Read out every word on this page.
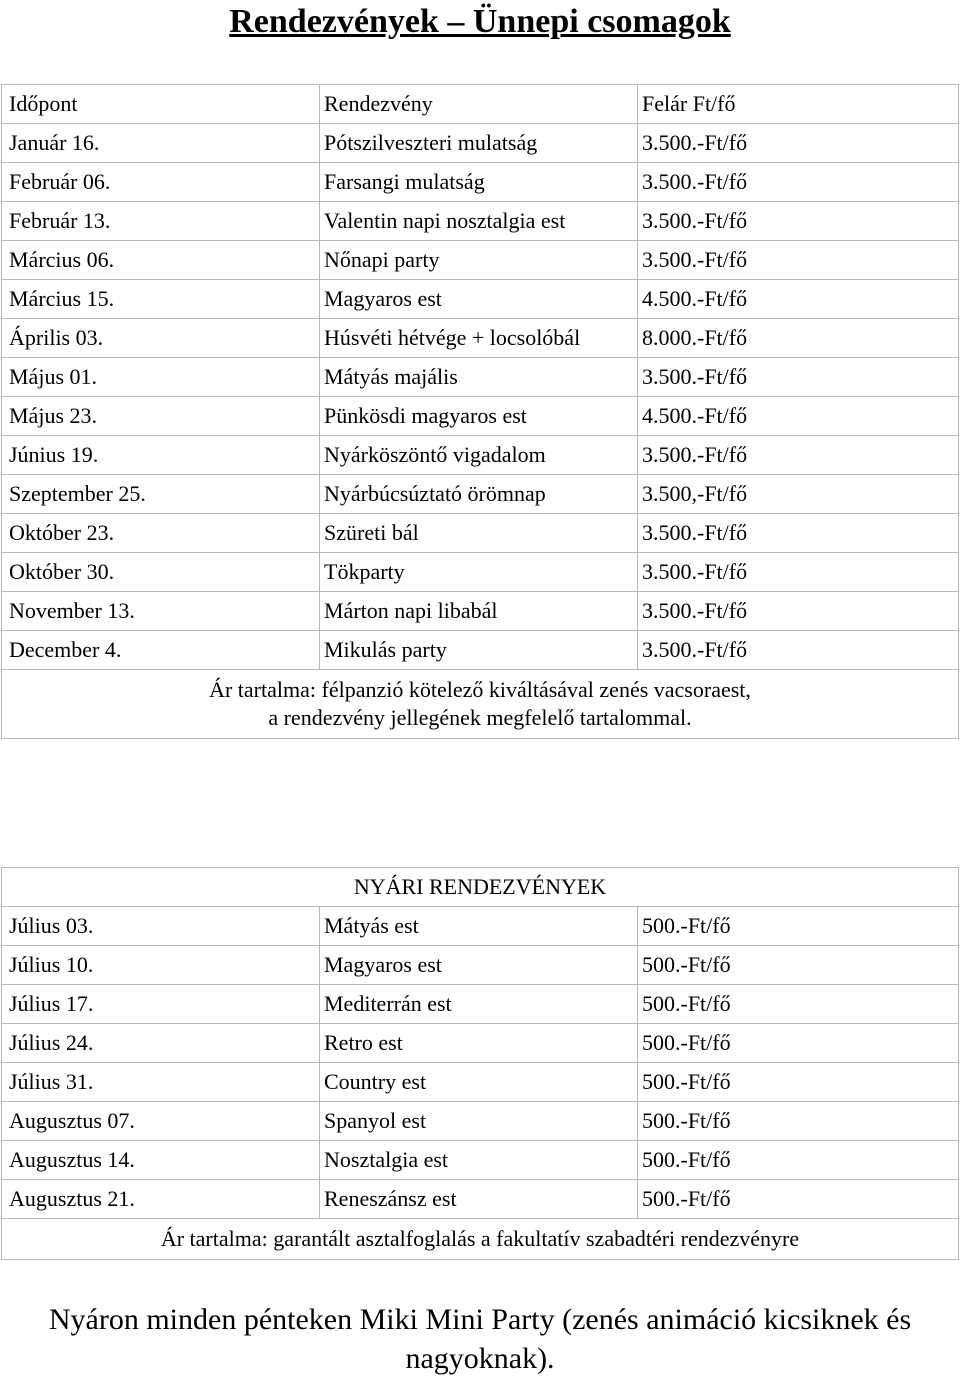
Rendezvények – Ünnepi csomagok
Időpont	Rendezvény	Felár Ft/fő
Január 16.	Pótszilveszteri mulatság	3.500.-Ft/fő
Február 06.	Farsangi mulatság	3.500.-Ft/fő
Február 13.	Valentin napi nosztalgia est	3.500.-Ft/fő
Március 06.	Nőnapi party	3.500.-Ft/fő
Március 15.	Magyaros est	4.500.-Ft/fő
Április 03.	Húsvéti hétvége + locsolóbál	8.000.-Ft/fő
Május 01.	Mátyás majális	3.500.-Ft/fő
Május 23.	Pünkösdi magyaros est	4.500.-Ft/fő
Június 19.	Nyárköszöntő vigadalom	3.500.-Ft/fő
Szeptember 25.	Nyárbúcsúztató örömnap	3.500,-Ft/fő
Október 23.	Szüreti bál	3.500.-Ft/fő
Október 30.	Tökparty	3.500.-Ft/fő
November 13.	Márton napi libabál	3.500.-Ft/fő
December 4.	Mikulás party	3.500.-Ft/fő

Ár tartalma: félpanzió kötelező kiváltásával zenés vacsoraest,
a rendezvény jellegének megfelelő tartalommal.		
NYÁRI RENDEZVÉNYEK		
Július 03.	Mátyás est	500.-Ft/fő
Július 10.	Magyaros est	500.-Ft/fő
Július 17.	Mediterrán est	500.-Ft/fő
Július 24.	Retro est	500.-Ft/fő
Július 31.	Country est	500.-Ft/fő
Augusztus 07.	Spanyol est	500.-Ft/fő
Augusztus 14.	Nosztalgia est	500.-Ft/fő
Augusztus 21.	Reneszánsz est	500.-Ft/fő
Ár tartalma: garantált asztalfoglalás a fakultatív szabadtéri rendezvényre		
Nyáron minden pénteken Miki Mini Party (zenés animáció kicsiknek és
nagyoknak).
